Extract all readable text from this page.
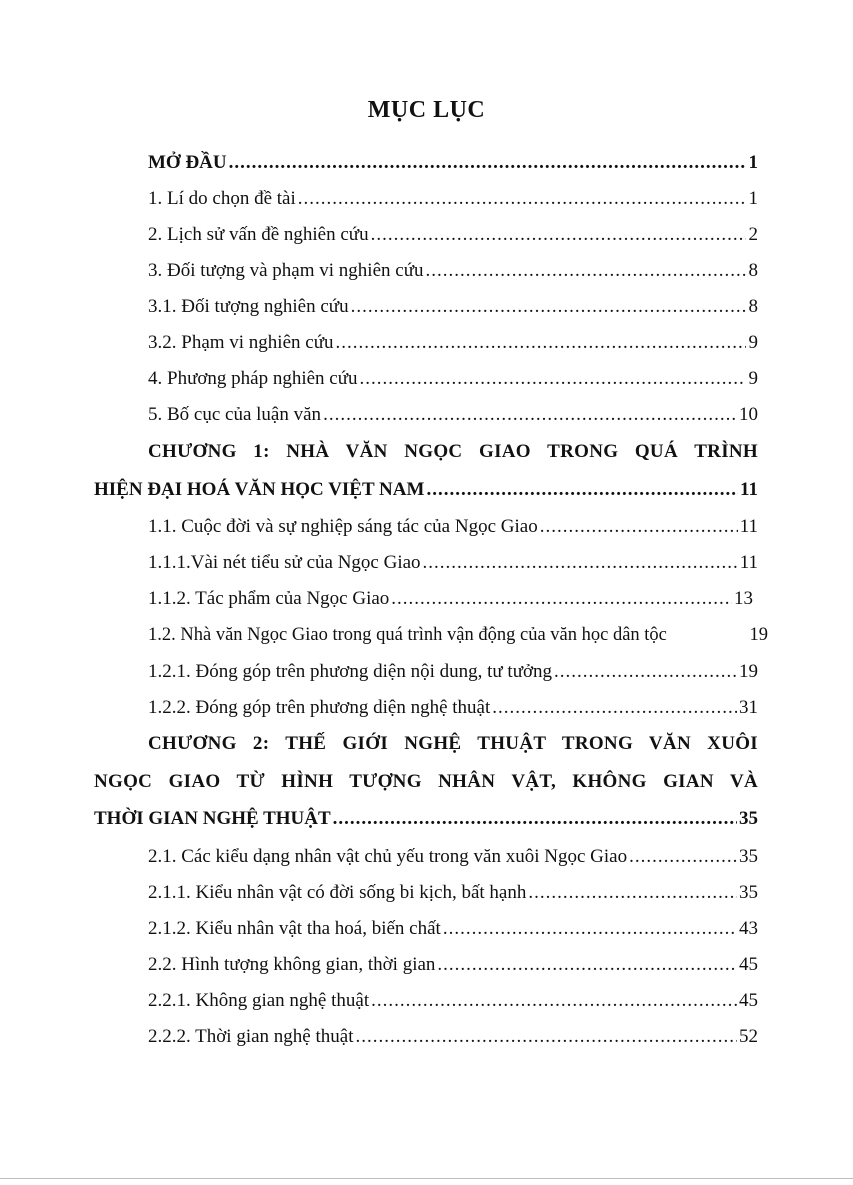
MỤC LỤC
MỞ ĐẦU .....	1
1. Lí do chọn đề tài .....	1
2. Lịch sử vấn đề nghiên cứu .....	2
3. Đối tượng và phạm vi nghiên cứu .....	8
3.1. Đối tượng nghiên cứu .....	8
3.2. Phạm vi nghiên cứu .....	9
4. Phương pháp nghiên cứu .....	9
5. Bố cục của luận văn .....	10
CHƯƠNG 1: NHÀ VĂN NGỌC GIAO TRONG QUÁ TRÌNH
HIỆN ĐẠI HOÁ VĂN HỌC VIỆT NAM .....	11
1.1. Cuộc đời và sự nghiệp sáng tác của Ngọc Giao .....	11
1.1.1.Vài nét tiểu sử của Ngọc Giao .....	11
1.1.2. Tác phẩm của Ngọc Giao .....	13
1.2. Nhà văn Ngọc Giao trong quá trình vận động của văn học dân tộc	19
1.2.1. Đóng góp trên phương diện nội dung, tư tưởng .....	19
1.2.2. Đóng góp trên phương diện nghệ thuật .....	31
CHƯƠNG 2: THẾ GIỚI NGHỆ THUẬT TRONG VĂN XUÔI
NGỌC GIAO TỪ HÌNH TƯỢNG NHÂN VẬT, KHÔNG GIAN VÀ
THỜI GIAN NGHỆ THUẬT .....	35
2.1. Các kiểu dạng nhân vật chủ yếu trong văn xuôi Ngọc Giao .....	35
2.1.1. Kiểu nhân vật có đời sống bi kịch, bất hạnh .....	35
2.1.2. Kiểu nhân vật tha hoá, biến chất .....	43
2.2. Hình tượng không gian, thời gian .....	45
2.2.1. Không gian nghệ thuật .....	45
2.2.2. Thời gian nghệ thuật .....	52
